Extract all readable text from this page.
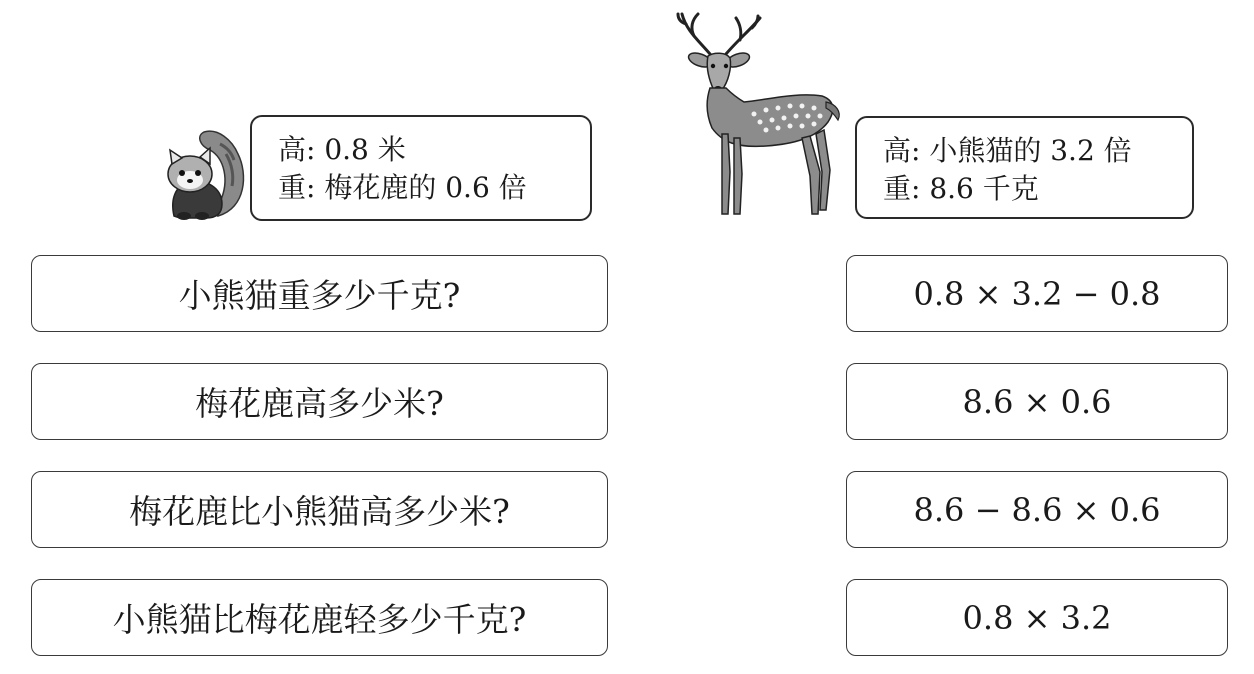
高: 0.8 米
重: 梅花鹿的 0.6 倍
高: 小熊猫的 3.2 倍
重: 8.6 千克
小熊猫重多少千克?
梅花鹿高多少米?
梅花鹿比小熊猫高多少米?
小熊猫比梅花鹿轻多少千克?
0.8 × 3.2 − 0.8
8.6 × 0.6
8.6 − 8.6 × 0.6
0.8 × 3.2
